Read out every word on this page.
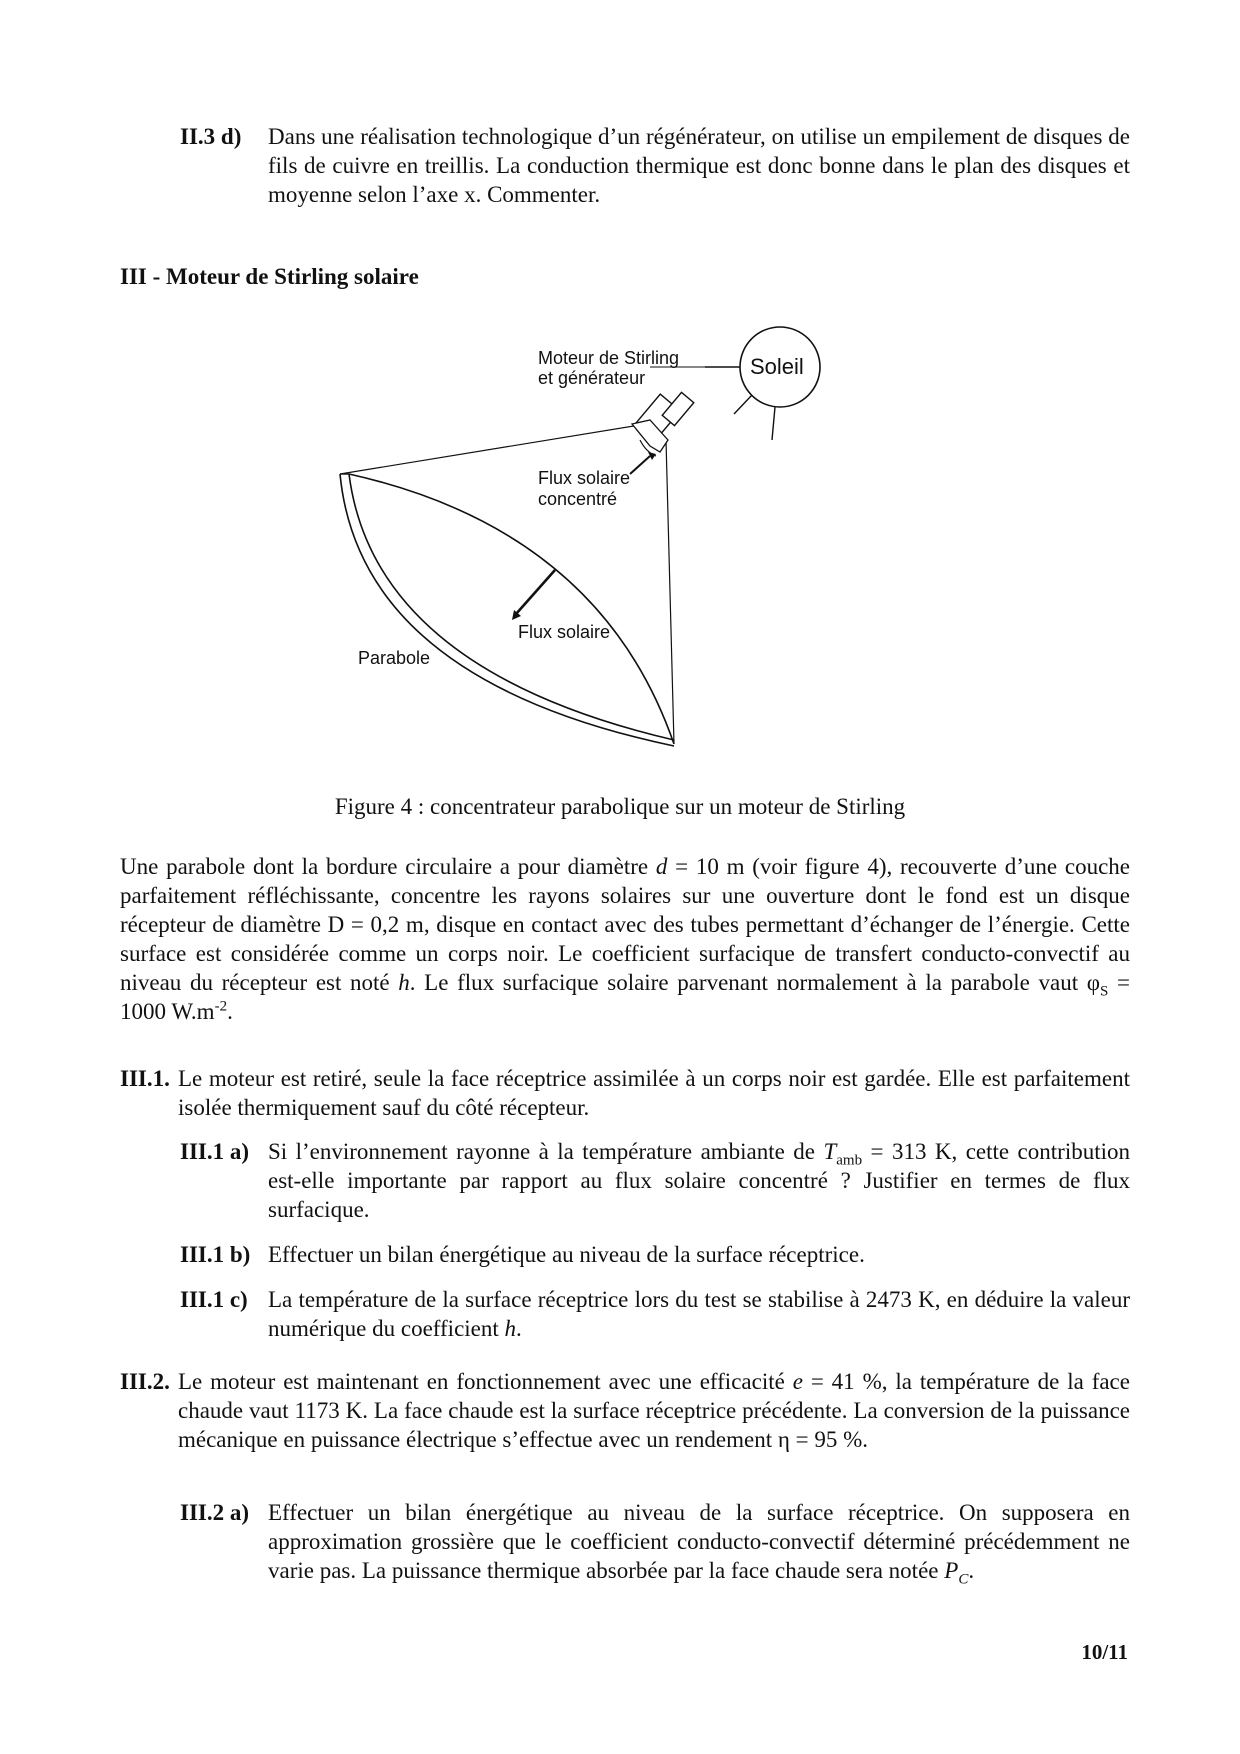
II.3 d)	Dans une réalisation technologique d’un régénérateur, on utilise un empilement de disques de fils de cuivre en treillis. La conduction thermique est donc bonne dans le plan des disques et moyenne selon l’axe x. Commenter.
III - Moteur de Stirling solaire
Moteur de Stirling
et générateur	Soleil
Flux solaire
concentré
Flux solaire
Parabole
Figure 4 : concentrateur parabolique sur un moteur de Stirling

Une parabole dont la bordure circulaire a pour diamètre d = 10 m (voir figure 4), recouverte d’une couche parfaitement réfléchissante, concentre les rayons solaires sur une ouverture dont le fond est un disque récepteur de diamètre D = 0,2 m, disque en contact avec des tubes permettant d’échanger de l’énergie. Cette surface est considérée comme un corps noir. Le coefficient surfacique de transfert conducto-convectif au niveau du récepteur est noté h. Le flux surfacique solaire parvenant normalement à la parabole vaut $\varphi_S = 1000$ $W.m^{-2}$.

III.1. Le moteur est retiré, seule la face réceptrice assimilée à un corps noir est gardée. Elle est parfaitement isolée thermiquement sauf du côté récepteur.
III.1 a) Si l’environnement rayonne à la température ambiante de $T_{amb} = 313$ K, cette contribution est-elle importante par rapport au flux solaire concentré ? Justifier en termes de flux surfacique.
III.1 b) Effectuer un bilan énergétique au niveau de la surface réceptrice.
III.1 c) La température de la surface réceptrice lors du test se stabilise à 2473 K, en déduire la valeur numérique du coefficient h.
III.2. Le moteur est maintenant en fonctionnement avec une efficacité e = 41 %, la température de la face chaude vaut 1173 K. La face chaude est la surface réceptrice précédente. La conversion de la puissance mécanique en puissance électrique s’effectue avec un rendement η = 95 %.
III.2 a) Effectuer un bilan énergétique au niveau de la surface réceptrice. On supposera en approximation grossière que le coefficient conducto-convectif déterminé précédemment ne varie pas. La puissance thermique absorbée par la face chaude sera notée $P_C$.
10/11
